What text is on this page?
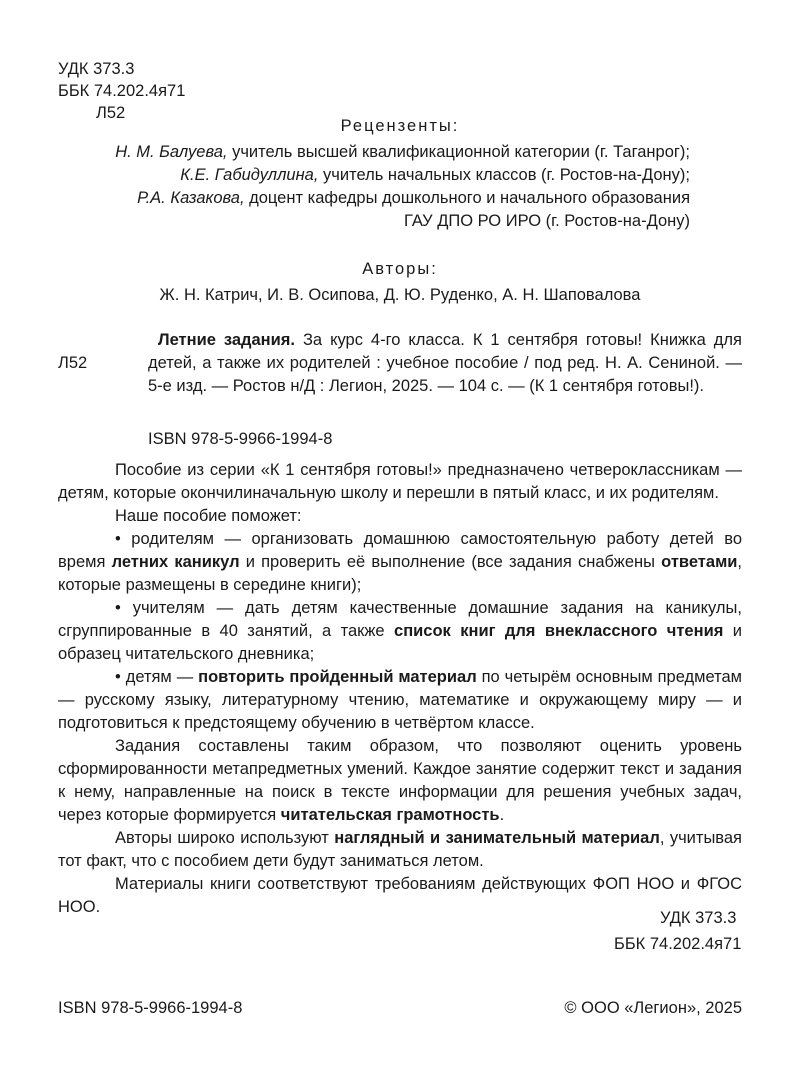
УДК 373.3
ББК 74.202.4я71
Л52
Рецензенты:
Н. М. Балуева, учитель высшей квалификационной категории (г. Таганрог);
К.Е. Габидуллина, учитель начальных классов (г. Ростов-на-Дону);
Р.А. Казакова, доцент кафедры дошкольного и начального образования
ГАУ ДПО РО ИРО (г. Ростов-на-Дону)
Авторы:
Ж. Н. Катрич, И. В. Осипова, Д. Ю. Руденко, А. Н. Шаповалова
Л52
Летние задания. За курс 4-го класса. К 1 сентября готовы! Книжка для детей, а также их родителей : учебное пособие / под ред. Н. А. Сениной. — 5-е изд. — Ростов н/Д : Легион, 2025. — 104 с. — (К 1 сентября готовы!).
ISBN 978-5-9966-1994-8

Пособие из серии «К 1 сентября готовы!» предназначено четвероклассникам — детям, которые окончилиначальную школу и перешли в пятый класс, и их родителям.

Наше пособие поможет:

• родителям — организовать домашнюю самостоятельную работу детей во время летних каникул и проверить её выполнение (все задания снабжены ответами, которые размещены в середине книги);

• учителям — дать детям качественные домашние задания на каникулы, сгруппированные в 40 занятий, а также список книг для внеклассного чтения и образец читательского дневника;

• детям — повторить пройденный материал по четырём основным предметам — русскому языку, литературному чтению, математике и окружающему миру — и подготовиться к предстоящему обучению в четвёртом классе.

Задания составлены таким образом, что позволяют оценить уровень сформированности метапредметных умений. Каждое занятие содержит текст и задания к нему, направленные на поиск в тексте информации для решения учебных задач, через которые формируется читательская грамотность.

Авторы широко используют наглядный и занимательный материал, учитывая тот факт, что с пособием дети будут заниматься летом.

Материалы книги соответствуют требованиям действующих ФОП НОО и ФГОС НОО.

УДК 373.3
ББК 74.202.4я71
ISBN 978-5-9966-1994-8	© ООО «Легион», 2025
